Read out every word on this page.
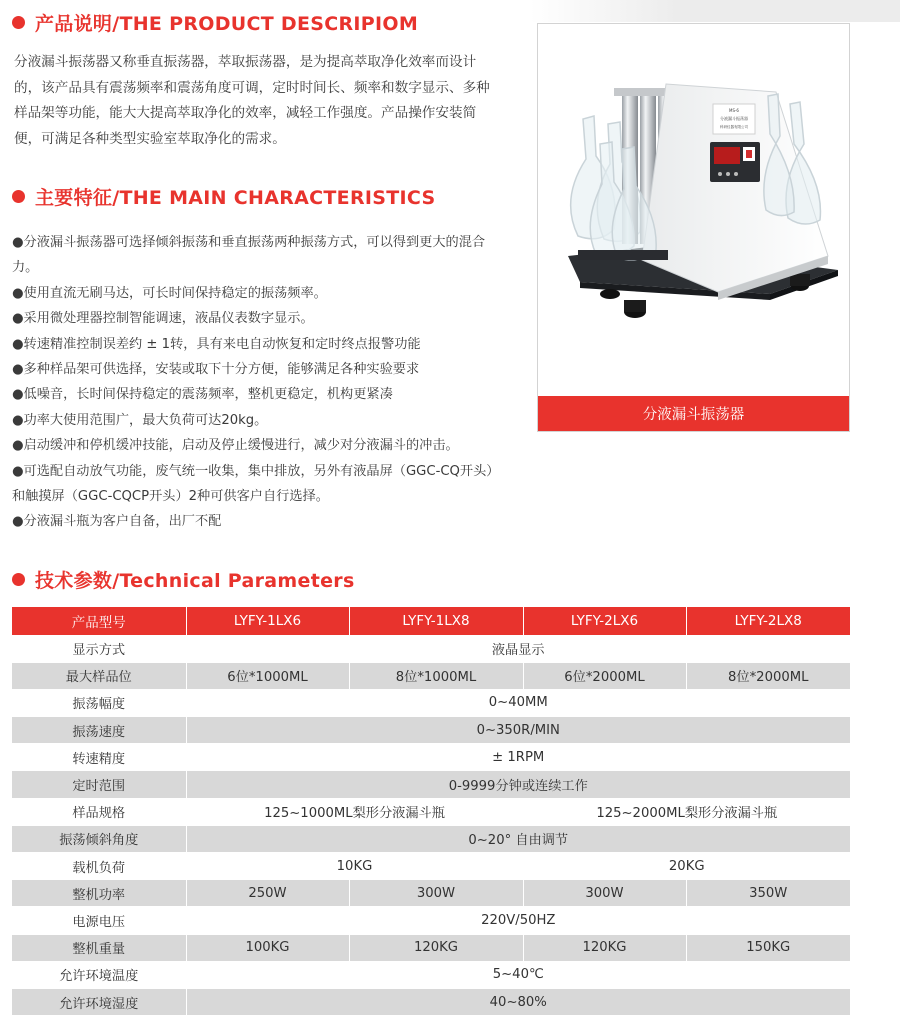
产品说明/THE PRODUCT DESCRIPIOM

分液漏斗振荡器又称垂直振荡器，萃取振荡器，是为提高萃取净化效率而设计的，该产品具有震荡频率和震荡角度可调，定时时间长、频率和数字显示、多种样品架等功能，能大大提高萃取净化的效率，减轻工作强度。产品操作安装简便，可满足各种类型实验室萃取净化的需求。

主要特征/THE MAIN CHARACTERISTICS
●分液漏斗振荡器可选择倾斜振荡和垂直振荡两种振荡方式，可以得到更大的混合力。
●使用直流无刷马达，可长时间保持稳定的振荡频率。
●采用微处理器控制智能调速，液晶仪表数字显示。
●转速精准控制误差约 ± 1转，具有来电自动恢复和定时终点报警功能
●多种样品架可供选择，安装或取下十分方便，能够满足各种实验要求
●低噪音，长时间保持稳定的震荡频率，整机更稳定，机构更紧凑
●功率大使用范围广，最大负荷可达20kg。
●启动缓冲和停机缓冲技能，启动及停止缓慢进行，减少对分液漏斗的冲击。
●可选配自动放气功能，废气统一收集，集中排放，另外有液晶屏（GGC-CQ开头）和触摸屏（GGC-CQCP开头）2种可供客户自行选择。
●分液漏斗瓶为客户自备，出厂不配
MS-6
分液漏斗振荡器
科研仪器有限公司
分液漏斗振荡器
技术参数/Technical Parameters
产品型号	LYFY-1LX6	LYFY-1LX8	LYFY-2LX6	LYFY-2LX8
显示方式	液晶显示			
最大样品位	6位*1000ML	8位*1000ML	6位*2000ML	8位*2000ML
振荡幅度	0~40MM			
振荡速度	0~350R/MIN			
转速精度	± 1RPM			
定时范围	0-9999分钟或连续工作			
样品规格	125~1000ML梨形分液漏斗瓶		125~2000ML梨形分液漏斗瓶	
振荡倾斜角度	0~20° 自由调节			
载机负荷	10KG		20KG	
整机功率	250W	300W	300W	350W
电源电压	220V/50HZ			
整机重量	100KG	120KG	120KG	150KG
允许环境温度	5~40℃			
允许环境湿度	40~80%			
